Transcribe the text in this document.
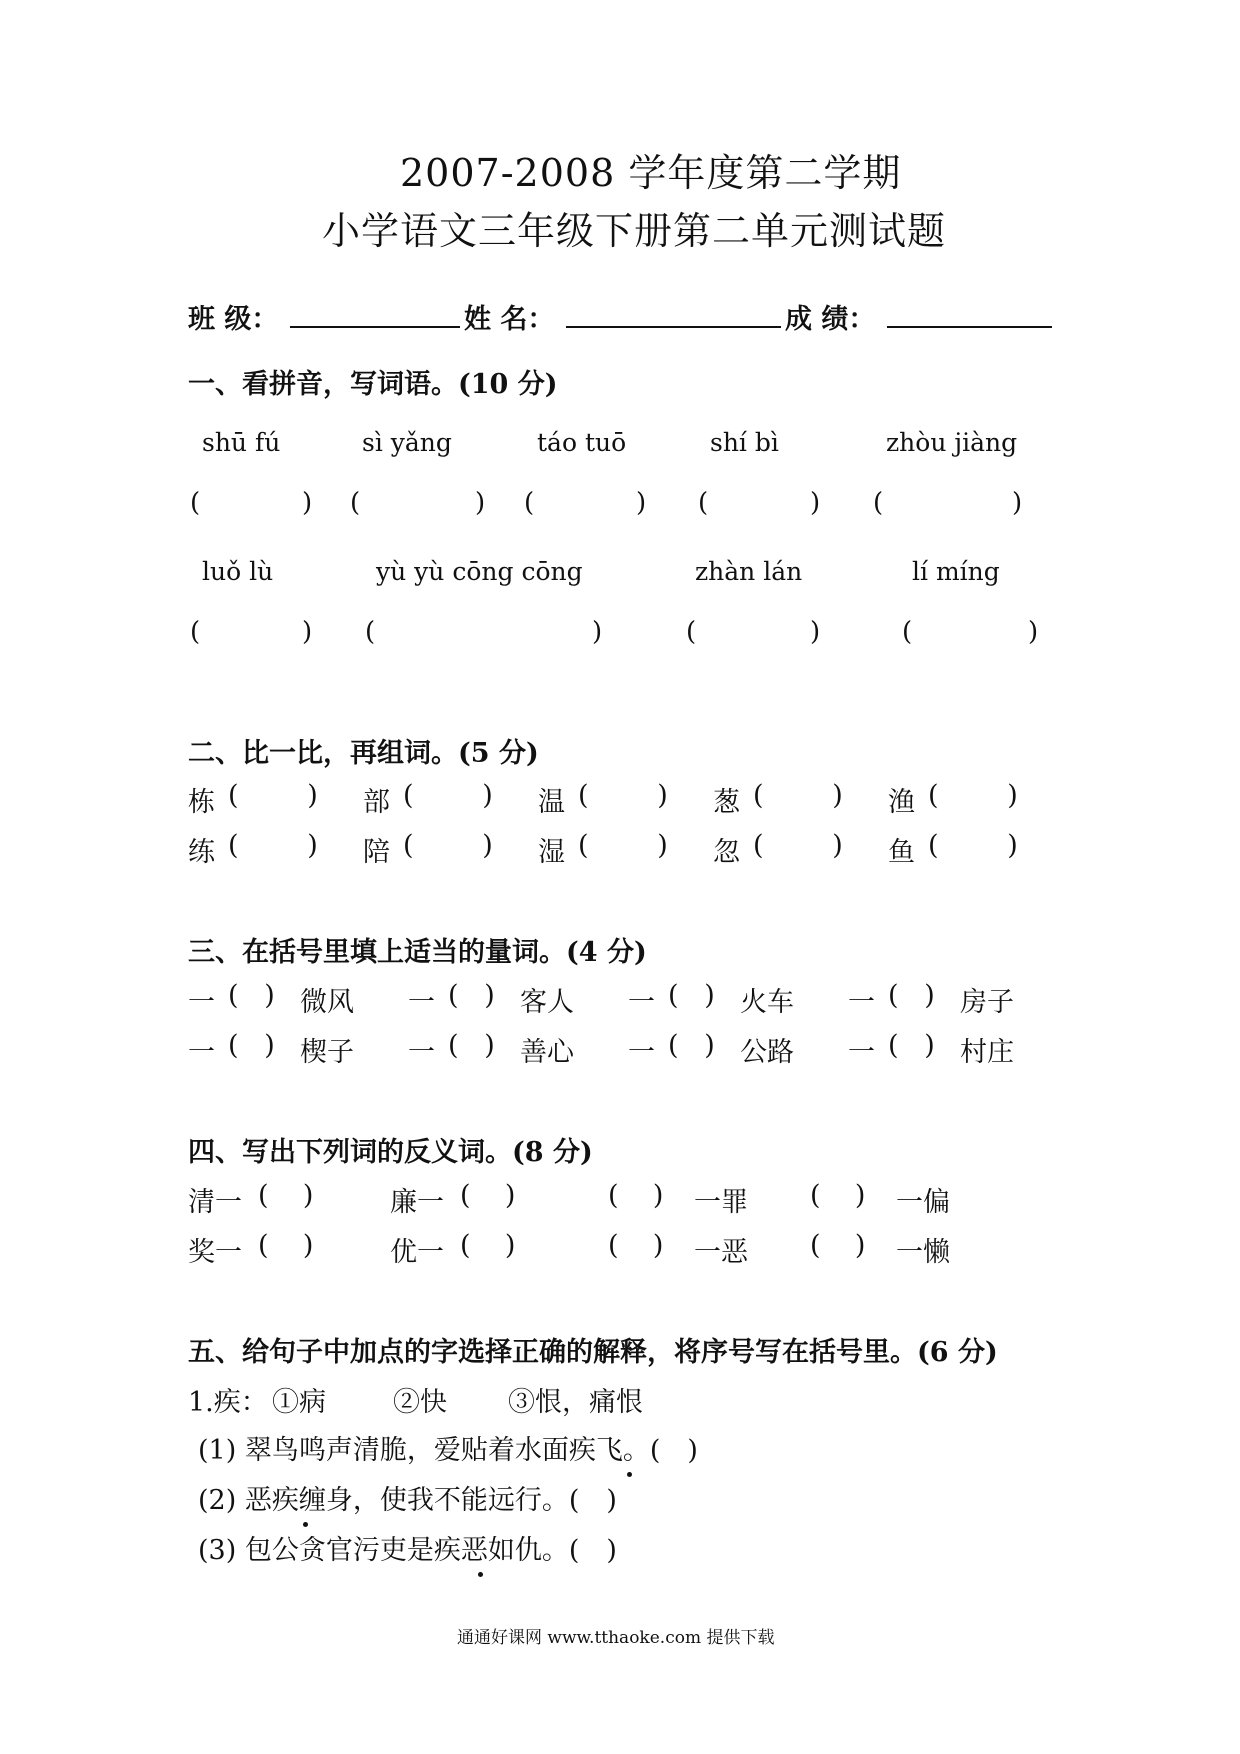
2007-2008 学年度第二学期
小学语文三年级下册第二单元测试题
班 级：	姓 名：	成 绩：
一、看拼音，写词语。(10 分)
shū fú	sì yǎng	táo tuō	shí bì	zhòu jiàng
(	) (	) (	) (	) (	)
luǒ lù	yù yù cōng cōng	zhàn lán	lí míng
(	) (	)	(	)	(	)
二、比一比，再组词。(5 分)
栋 (        ) 部 (        ) 温 (        ) 葱 (        ) 渔 (        )
练 (        ) 陪 (        ) 湿 (        ) 忽 (        ) 鱼 (        )
三、在括号里填上适当的量词。(4 分)
一 (   ) 微风 一 (   ) 客人 一 (   ) 火车 一 (   ) 房子
一 (   ) 楔子 一 (   ) 善心 一 (   ) 公路 一 (   ) 村庄
四、写出下列词的反义词。(8 分)
清一 (    )	廉一 (    )	(    ) 一罪 (    ) 一偏
奖一 (    )	优一 (    )	(    ) 一恶 (    ) 一懒
五、给句子中加点的字选择正确的解释，将序号写在括号里。(6 分)
1.疾： ①病 ②快 ③恨，痛恨
(1) 翠鸟鸣声清脆，爱贴着水面疾飞。(　)
(2) 恶疾缠身，使我不能远行。(　)
(3) 包公贪官污吏是疾恶如仇。(　)
通通好课网 www.tthaoke.com 提供下载
